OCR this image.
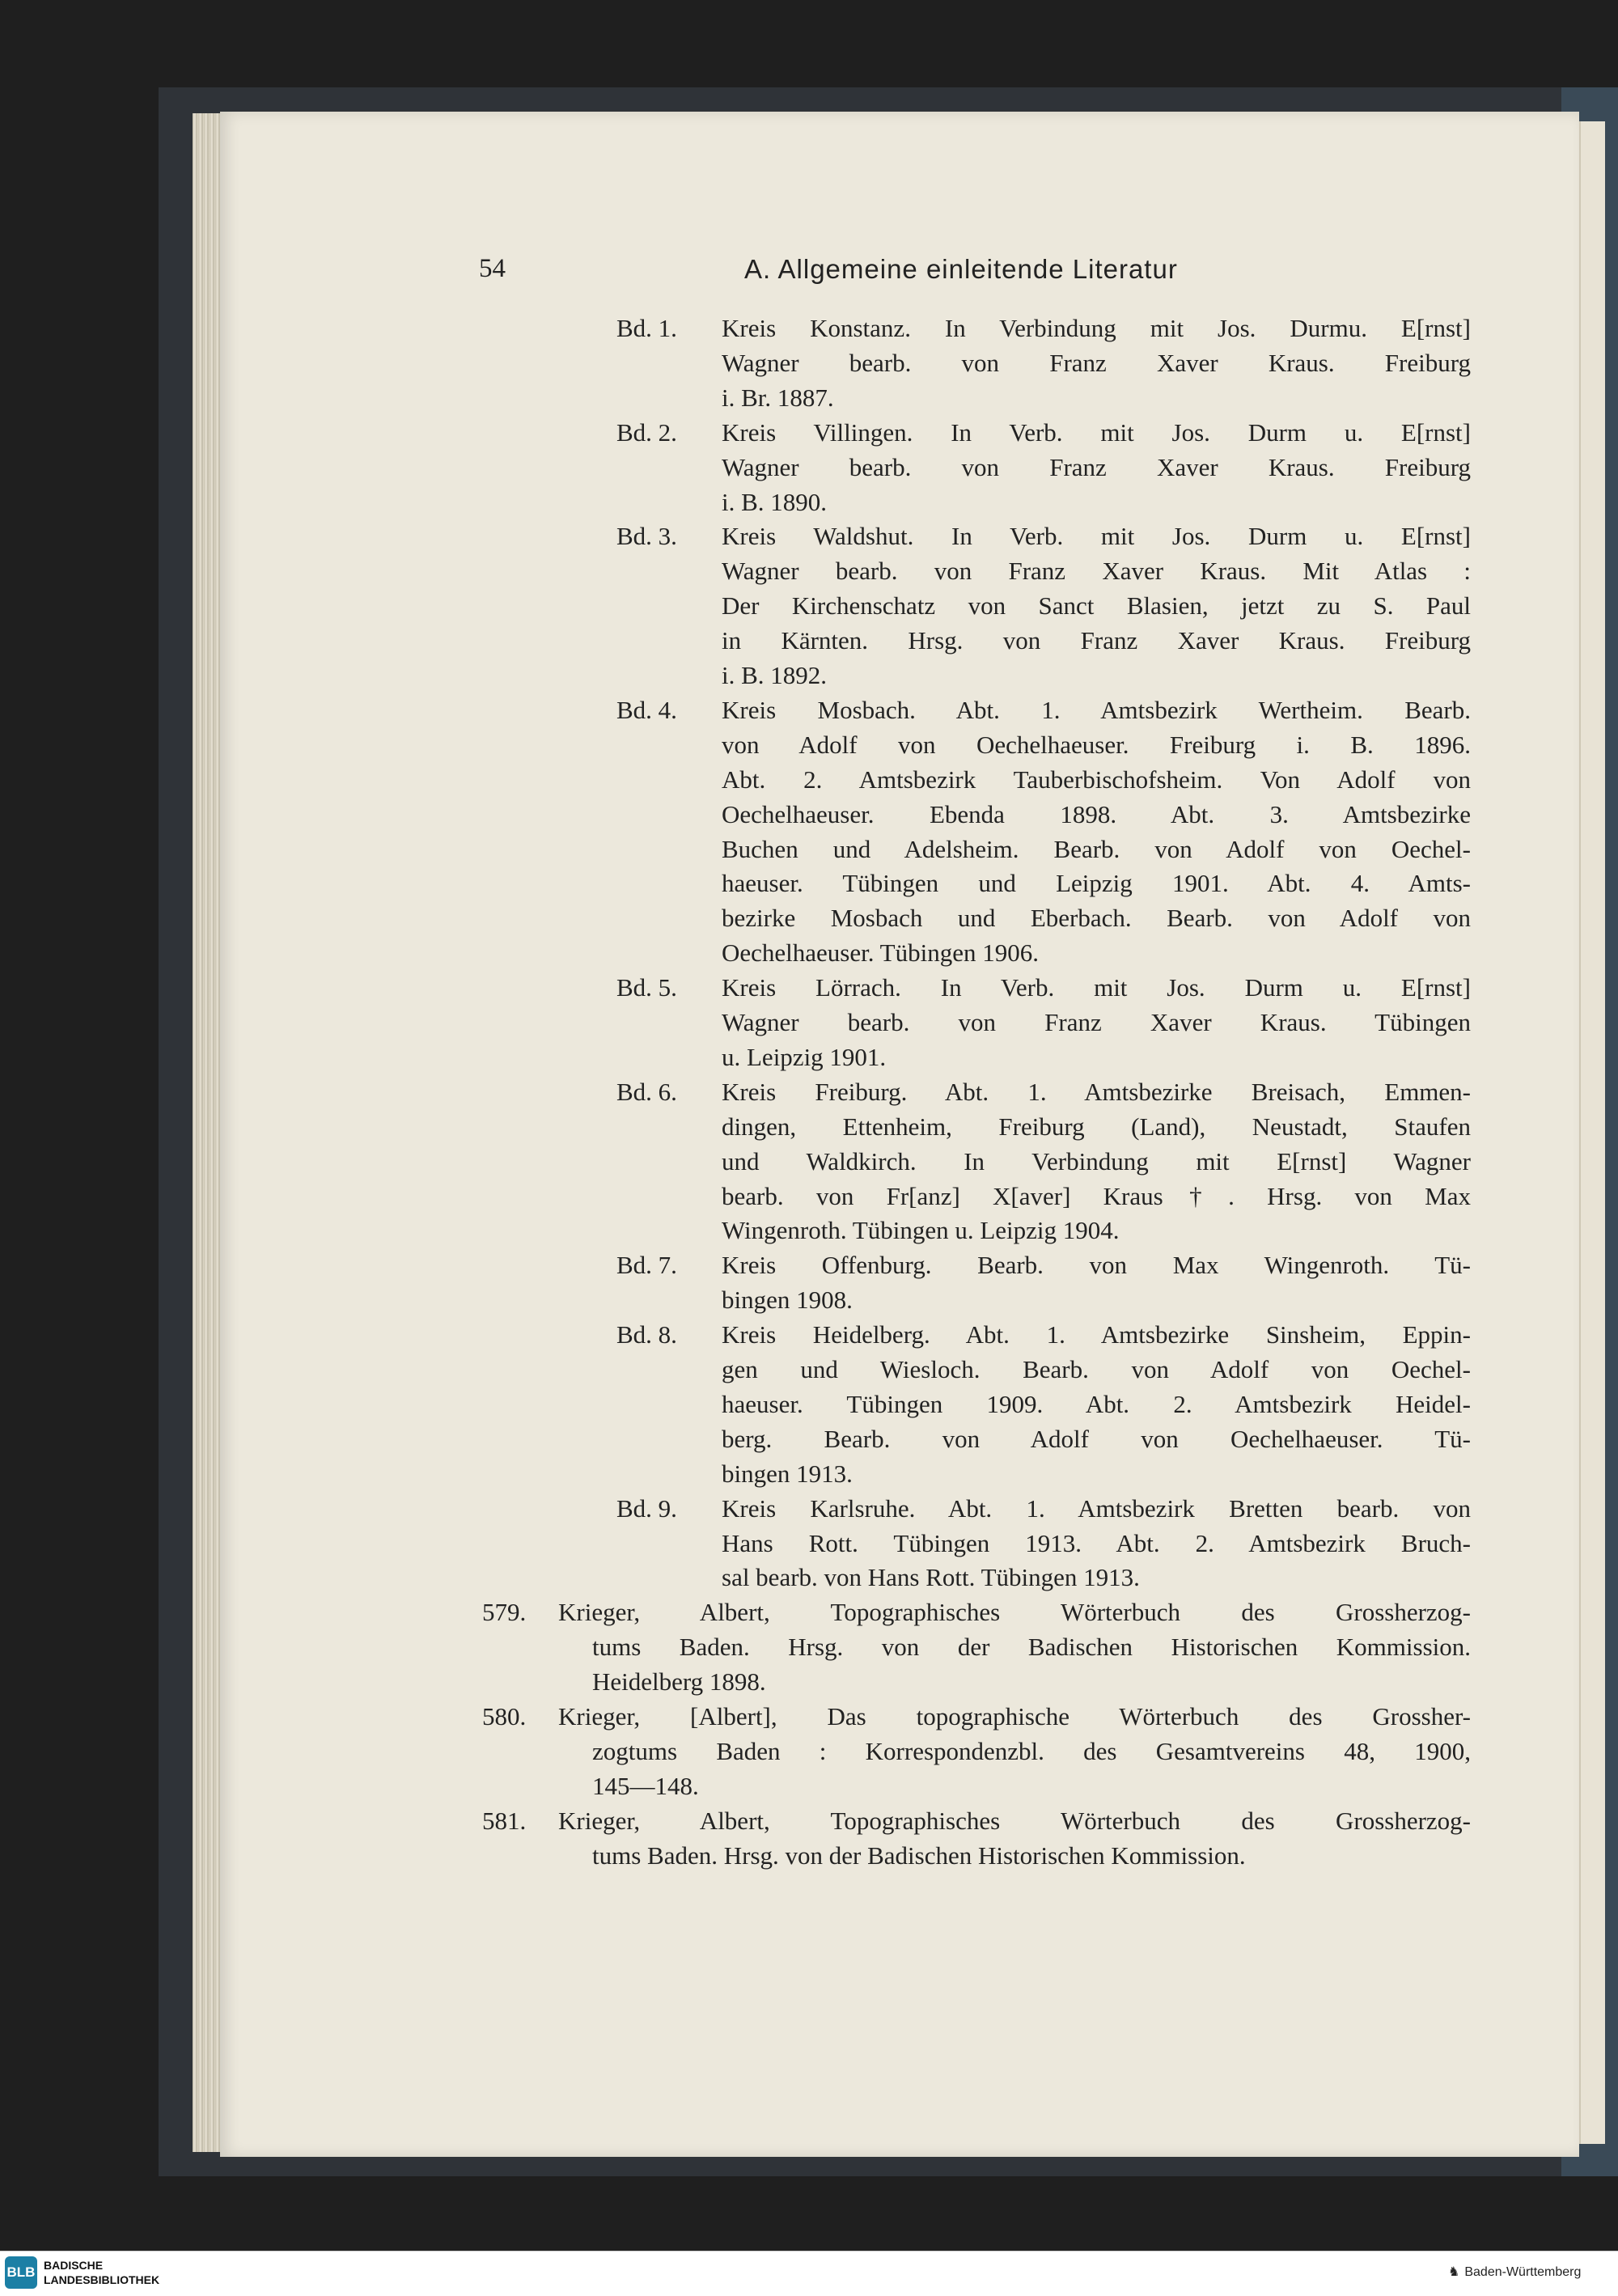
54	A. Allgemeine einleitende Literatur
Bd. 1. Kreis Konstanz. In Verbindung mit Jos. Durmu. E[rnst]
Wagner bearb. von Franz Xaver Kraus. Freiburg
i. Br. 1887.
Bd. 2. Kreis Villingen. In Verb. mit Jos. Durm u. E[rnst]
Wagner bearb. von Franz Xaver Kraus. Freiburg
i. B. 1890.
Bd. 3. Kreis Waldshut. In Verb. mit Jos. Durm u. E[rnst]
Wagner bearb. von Franz Xaver Kraus. Mit Atlas :
Der Kirchenschatz von Sanct Blasien, jetzt zu S. Paul
in Kärnten. Hrsg. von Franz Xaver Kraus. Freiburg
i. B. 1892.
Bd. 4. Kreis Mosbach. Abt. 1. Amtsbezirk Wertheim. Bearb.
von Adolf von Oechelhaeuser. Freiburg i. B. 1896.
Abt. 2. Amtsbezirk Tauberbischofsheim. Von Adolf von
Oechelhaeuser. Ebenda 1898. Abt. 3. Amtsbezirke
Buchen und Adelsheim. Bearb. von Adolf von Oechel-
haeuser. Tübingen und Leipzig 1901. Abt. 4. Amts-
bezirke Mosbach und Eberbach. Bearb. von Adolf von
Oechelhaeuser. Tübingen 1906.
Bd. 5. Kreis Lörrach. In Verb. mit Jos. Durm u. E[rnst]
Wagner bearb. von Franz Xaver Kraus. Tübingen
u. Leipzig 1901.
Bd. 6. Kreis Freiburg. Abt. 1. Amtsbezirke Breisach, Emmen-
dingen, Ettenheim, Freiburg (Land), Neustadt, Staufen
und Waldkirch. In Verbindung mit E[rnst] Wagner
bearb. von Fr[anz] X[aver] Kraus†. Hrsg. von Max
Wingenroth. Tübingen u. Leipzig 1904.
Bd. 7. Kreis Offenburg. Bearb. von Max Wingenroth. Tü-
bingen 1908.
Bd. 8. Kreis Heidelberg. Abt. 1. Amtsbezirke Sinsheim, Eppin-
gen und Wiesloch. Bearb. von Adolf von Oechel-
haeuser. Tübingen 1909. Abt. 2. Amtsbezirk Heidel-
berg. Bearb. von Adolf von Oechelhaeuser. Tü-
bingen 1913.
Bd. 9. Kreis Karlsruhe. Abt. 1. Amtsbezirk Bretten bearb. von
Hans Rott. Tübingen 1913. Abt. 2. Amtsbezirk Bruch-
sal bearb. von Hans Rott. Tübingen 1913.
579. Krieger, Albert, Topographisches Wörterbuch des Grossherzog-
tums Baden. Hrsg. von der Badischen Historischen Kommission.
Heidelberg 1898.
580. Krieger, [Albert], Das topographische Wörterbuch des Grossher-
zogtums Baden : Korrespondenzbl. des Gesamtvereins 48, 1900,
145—148.
581. Krieger, Albert, Topographisches Wörterbuch des Grossherzog-
tums Baden. Hrsg. von der Badischen Historischen Kommission.
BLB BADISCHE
LANDESBIBLIOTHEK
♞ Baden-Württemberg
